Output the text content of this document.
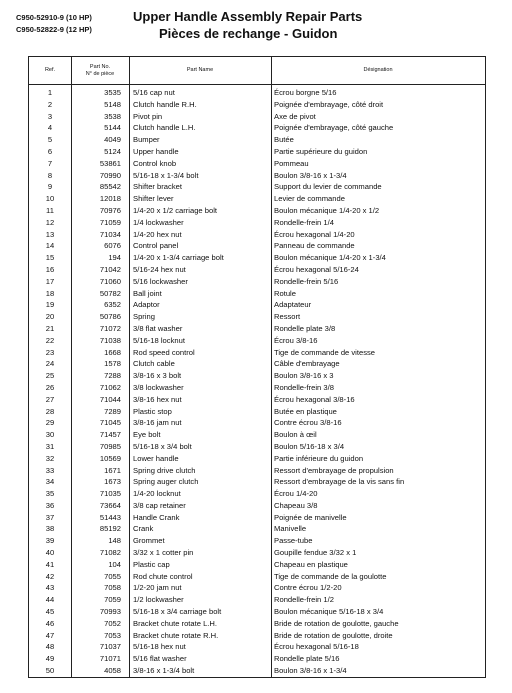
C950-52910-9 (10 HP)
C950-52822-9 (12 HP)
Upper Handle Assembly Repair Parts
Pièces de rechange - Guidon
Ref.
Part No.
N° de pièce
Part Name	Désignation
1	3535 5/16 cap nut	Écrou borgne 5/16
2	5148 Clutch handle R.H.	Poignée d'embrayage, côté droit
3	3538 Pivot pin	Axe de pivot
4	5144 Clutch handle L.H.	Poignée d'embrayage, côté gauche
5	4049 Bumper	Butée
6	5124 Upper handle	Partie supérieure du guidon
7	53861 Control knob	Pommeau
8	70990 5/16-18 x 1-3/4 bolt	Boulon 3/8-16 x 1-3/4
9	85542 Shifter bracket	Support du levier de commande
10	12018 Shifter lever	Levier de commande
11	70976 1/4-20 x 1/2 carriage bolt	Boulon mécanique 1/4-20 x 1/2
12	71059 1/4 lockwasher	Rondelle-frein 1/4
13	71034 1/4-20 hex nut	Écrou hexagonal 1/4-20
14	6076 Control panel	Panneau de commande
15	194 1/4-20 x 1-3/4 carriage bolt	Boulon mécanique 1/4-20 x 1-3/4
16	71042 5/16-24 hex nut	Écrou hexagonal 5/16-24
17	71060 5/16 lockwasher	Rondelle-frein 5/16
18	50782 Ball joint	Rotule
19	6352 Adaptor	Adaptateur
20	50786 Spring	Ressort
21	71072 3/8 flat washer	Rondelle plate 3/8
22	71038 5/16-18 locknut	Écrou 3/8-16
23	1668 Rod speed control	Tige de commande de vitesse
24	1578 Clutch cable	Câble d'embrayage
25	7288 3/8-16 x 3 bolt	Boulon 3/8-16 x 3
26	71062 3/8 lockwasher	Rondelle-frein 3/8
27	71044 3/8-16 hex nut	Écrou hexagonal 3/8-16
28	7289 Plastic stop	Butée en plastique
29	71045 3/8-16 jam nut	Contre écrou 3/8-16
30	71457 Eye bolt	Boulon à œil
31	70985 5/16-18 x 3/4 bolt	Boulon 5/16-18 x 3/4
32	10569 Lower handle	Partie inférieure du guidon
33	1671 Spring drive clutch	Ressort d'embrayage de propulsion
34	1673 Spring auger clutch	Ressort d'embrayage de la vis sans fin
35	71035 1/4-20 locknut	Écrou 1/4-20
36	73664 3/8 cap retainer	Chapeau 3/8
37	51443 Handle Crank	Poignée de manivelle
38	85192 Crank	Manivelle
39	148 Grommet	Passe-tube
40	71082 3/32 x 1 cotter pin	Goupille fendue 3/32 x 1
41	104 Plastic cap	Chapeau en plastique
42	7055 Rod chute control	Tige de commande de la goulotte
43	7058 1/2-20 jam nut	Contre écrou 1/2-20
44	7059 1/2 lockwasher	Rondelle-frein 1/2
45	70993 5/16-18 x 3/4 carriage bolt	Boulon mécanique 5/16-18 x 3/4
46	7052 Bracket chute rotate L.H.	Bride de rotation de goulotte, gauche
47	7053 Bracket chute rotate R.H.	Bride de rotation de goulotte, droite
48	71037 5/16-18 hex nut	Écrou hexagonal 5/16-18
49	71071 5/16 flat washer	Rondelle plate 5/16
50	4058 3/8-16 x 1-3/4 bolt	Boulon 3/8-16 x 1-3/4
